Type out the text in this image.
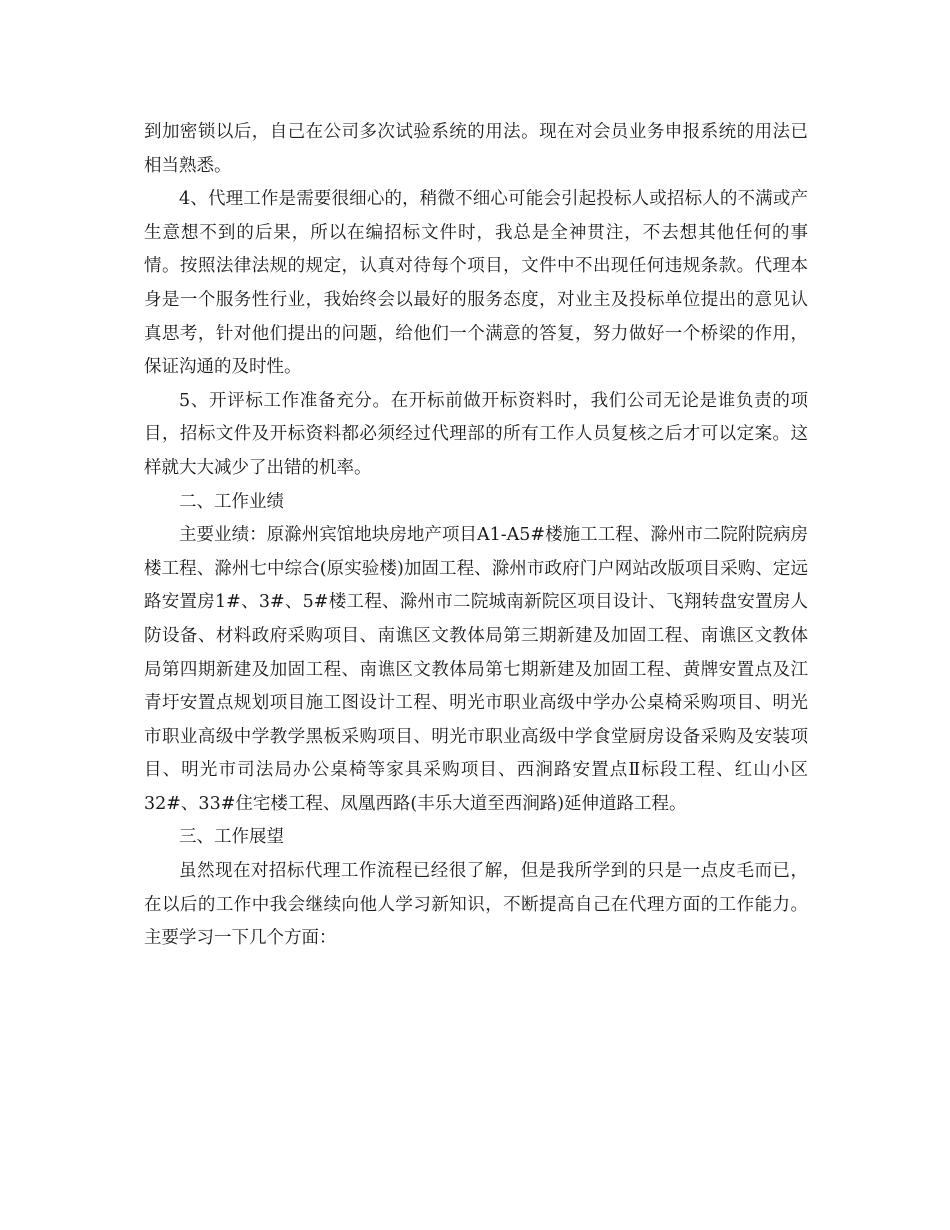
到加密锁以后，自己在公司多次试验系统的用法。现在对会员业务申报系统的用法已相当熟悉。

4、代理工作是需要很细心的，稍微不细心可能会引起投标人或招标人的不满或产生意想不到的后果，所以在编招标文件时，我总是全神贯注，不去想其他任何的事情。按照法律法规的规定，认真对待每个项目，文件中不出现任何违规条款。代理本身是一个服务性行业，我始终会以最好的服务态度，对业主及投标单位提出的意见认真思考，针对他们提出的问题，给他们一个满意的答复，努力做好一个桥梁的作用，保证沟通的及时性。

5、开评标工作准备充分。在开标前做开标资料时，我们公司无论是谁负责的项目，招标文件及开标资料都必须经过代理部的所有工作人员复核之后才可以定案。这样就大大减少了出错的机率。

二、工作业绩

主要业绩：原滁州宾馆地块房地产项目A1-A5#楼施工工程、滁州市二院附院病房楼工程、滁州七中综合(原实验楼)加固工程、滁州市政府门户网站改版项目采购、定远路安置房1#、3#、5#楼工程、滁州市二院城南新院区项目设计、飞翔转盘安置房人防设备、材料政府采购项目、南谯区文教体局第三期新建及加固工程、南谯区文教体局第四期新建及加固工程、南谯区文教体局第七期新建及加固工程、黄牌安置点及江青圩安置点规划项目施工图设计工程、明光市职业高级中学办公桌椅采购项目、明光市职业高级中学教学黑板采购项目、明光市职业高级中学食堂厨房设备采购及安装项目、明光市司法局办公桌椅等家具采购项目、西涧路安置点Ⅱ标段工程、红山小区32#、33#住宅楼工程、凤凰西路(丰乐大道至西涧路)延伸道路工程。

三、工作展望

虽然现在对招标代理工作流程已经很了解，但是我所学到的只是一点皮毛而已，在以后的工作中我会继续向他人学习新知识，不断提高自己在代理方面的工作能力。主要学习一下几个方面：
